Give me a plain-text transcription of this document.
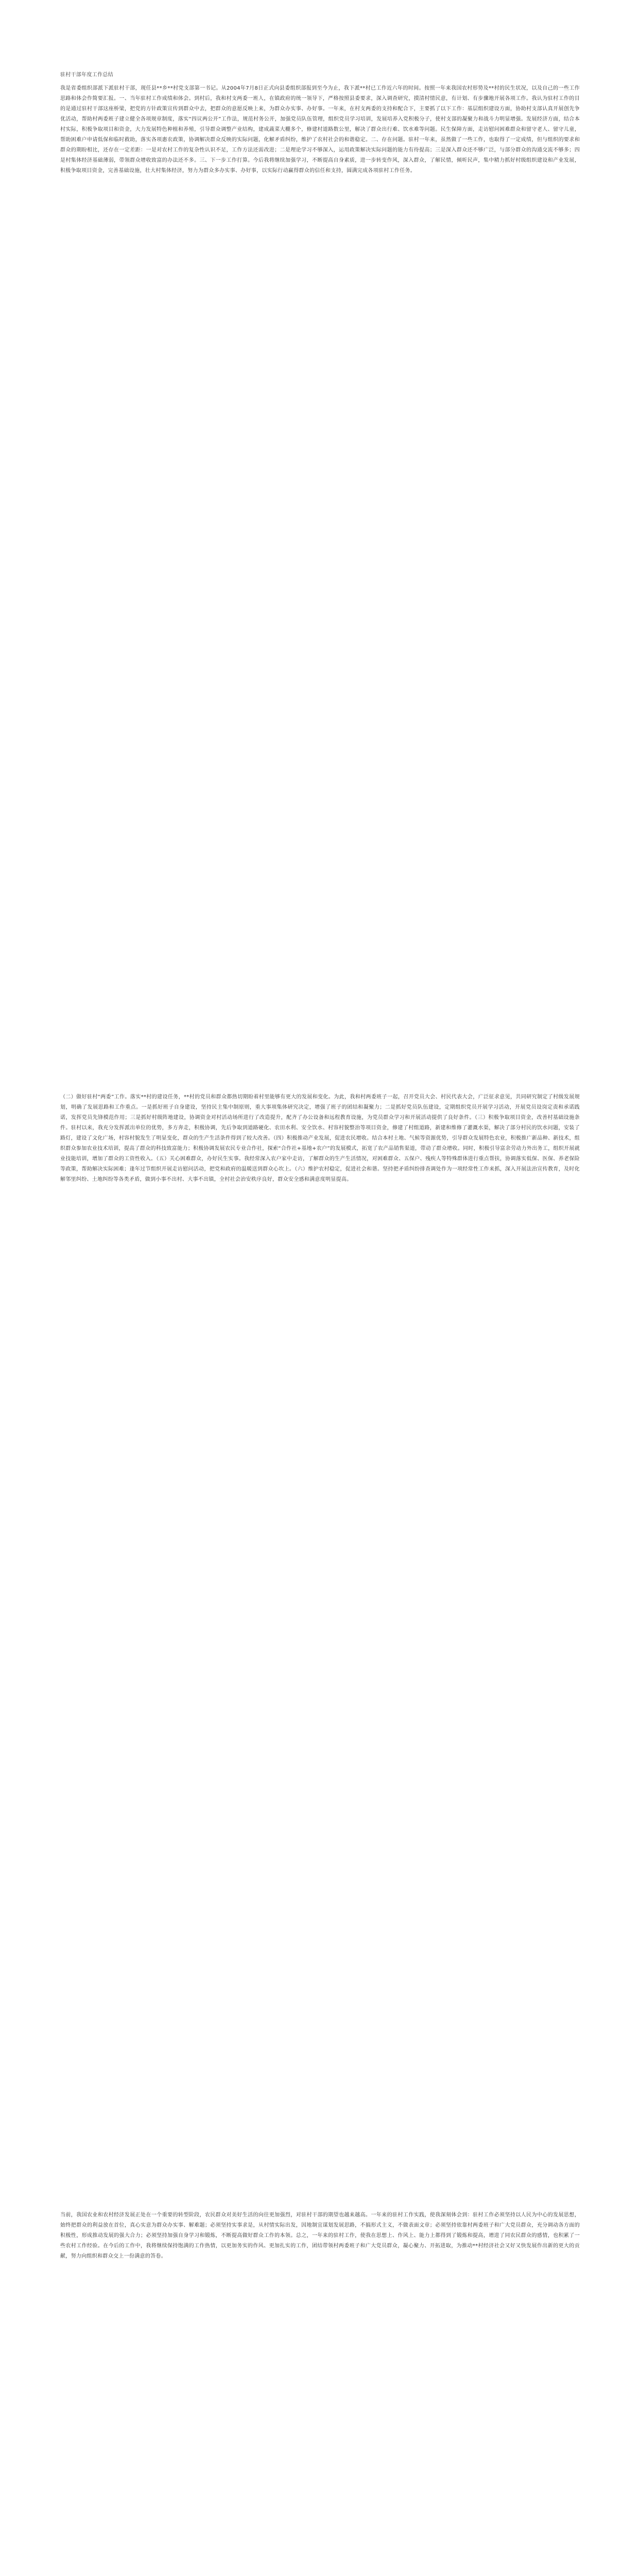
驻村干部年度工作总结
我是省委组织部派下派驻村干部，现任县**乡**村党支部第一书记。从2004年7月8日正式向县委组织部报到至今为止，我下派**村已工作近六年的时间。按照一年来我国农村形势及**村的民生状况，以及自己的一些工作思路和体会作简要汇报。一、当年驻村工作成绩和体会。到村后，我和村支两委一班人，在镇政府的统一领导下，严格按照县委要求，深入调查研究，摸清村情民意，有计划、有步骤地开展各项工作。我认为驻村工作的目的是通过驻村干部这座桥梁，把党的方针政策宣传到群众中去，把群众的意愿反映上来，为群众办实事、办好事。一年来，在村支两委的支持和配合下，主要抓了以下工作：基层组织建设方面，协助村支部认真开展创先争优活动，帮助村两委班子建立健全各项规章制度，落实“四议两公开”工作法，规范村务公开，加强党员队伍管理，组织党员学习培训，发展培养入党积极分子，使村支部的凝聚力和战斗力明显增强。发展经济方面，结合本村实际，积极争取项目和资金，大力发展特色种植和养殖，引导群众调整产业结构，建成蔬菜大棚多个，修建村道路数公里，解决了群众出行难、饮水难等问题。民生保障方面，走访慰问困难群众和留守老人、留守儿童，帮助困难户申请低保和临时救助，落实各项惠农政策，协调解决群众反映的实际问题，化解矛盾纠纷，维护了农村社会的和谐稳定。二、存在问题。驻村一年来，虽然做了一些工作，也取得了一定成绩，但与组织的要求和群众的期盼相比，还存在一定差距：一是对农村工作的复杂性认识不足，工作方法还需改进；二是理论学习不够深入，运用政策解决实际问题的能力有待提高；三是深入群众还不够广泛，与部分群众的沟通交流不够多；四是村集体经济基础薄弱，带领群众增收致富的办法还不多。三、下一步工作打算。今后我将继续加强学习，不断提高自身素质，进一步转变作风，深入群众，了解民情，倾听民声，集中精力抓好村级组织建设和产业发展，积极争取项目资金，完善基础设施，壮大村集体经济，努力为群众多办实事、办好事，以实际行动赢得群众的信任和支持，圆满完成各项驻村工作任务。
（二）做好驻村“两委”工作。落实**村的建设任务，**村的党员和群众都热切期盼着村里能够有更大的发展和变化。为此，我和村两委班子一起，召开党员大会、村民代表大会，广泛征求意见，共同研究制定了村级发展规划，明确了发展思路和工作重点。一是抓好班子自身建设，坚持民主集中制原则，重大事项集体研究决定，增强了班子的团结和凝聚力；二是抓好党员队伍建设，定期组织党员开展学习活动，开展党员设岗定责和承诺践诺，发挥党员先锋模范作用；三是抓好村级阵地建设，协调资金对村活动场所进行了改造提升，配齐了办公设备和远程教育设施，为党员群众学习和开展活动提供了良好条件。（三）积极争取项目资金，改善村基础设施条件。驻村以来，我充分发挥派出单位的优势，多方奔走，积极协调，先后争取到道路硬化、农田水利、安全饮水、村容村貌整治等项目资金，修建了村组道路，新建和维修了灌溉水渠，解决了部分村民的饮水问题，安装了路灯，建设了文化广场，村容村貌发生了明显变化，群众的生产生活条件得到了较大改善。（四）积极推动产业发展，促进农民增收。结合本村土地、气候等资源优势，引导群众发展特色农业，积极推广新品种、新技术，组织群众参加农业技术培训，提高了群众的科技致富能力；积极协调发展农民专业合作社，探索“合作社+基地+农户”的发展模式，拓宽了农产品销售渠道，带动了群众增收。同时，积极引导富余劳动力外出务工，组织开展就业技能培训，增加了群众的工资性收入。（五）关心困难群众，办好民生实事。我经常深入农户家中走访，了解群众的生产生活情况，对困难群众、五保户、残疾人等特殊群体进行重点帮扶，协调落实低保、医保、养老保险等政策，帮助解决实际困难；逢年过节组织开展走访慰问活动，把党和政府的温暖送到群众心坎上。（六）维护农村稳定，促进社会和谐。坚持把矛盾纠纷排查调处作为一项经常性工作来抓，深入开展法治宣传教育，及时化解邻里纠纷、土地纠纷等各类矛盾，做到小事不出村、大事不出镇，全村社会治安秩序良好，群众安全感和满意度明显提高。
当前，我国农业和农村经济发展正处在一个重要的转型阶段，农民群众对美好生活的向往更加强烈，对驻村干部的期望也越来越高。一年来的驻村工作实践，使我深刻体会到：驻村工作必须坚持以人民为中心的发展思想，始终把群众的利益放在首位，真心实意为群众办实事、解难题；必须坚持实事求是，从村情实际出发，因地制宜谋划发展思路，不搞形式主义，不做表面文章；必须坚持依靠村两委班子和广大党员群众，充分调动各方面的积极性，形成推动发展的强大合力；必须坚持加强自身学习和锻炼，不断提高做好群众工作的本领。总之，一年来的驻村工作，使我在思想上、作风上、能力上都得到了锻炼和提高，增进了同农民群众的感情，也积累了一些农村工作经验。在今后的工作中，我将继续保持饱满的工作热情，以更加务实的作风、更加扎实的工作，团结带领村两委班子和广大党员群众，凝心聚力、开拓进取，为推动**村经济社会又好又快发展作出新的更大的贡献，努力向组织和群众交上一份满意的答卷。
